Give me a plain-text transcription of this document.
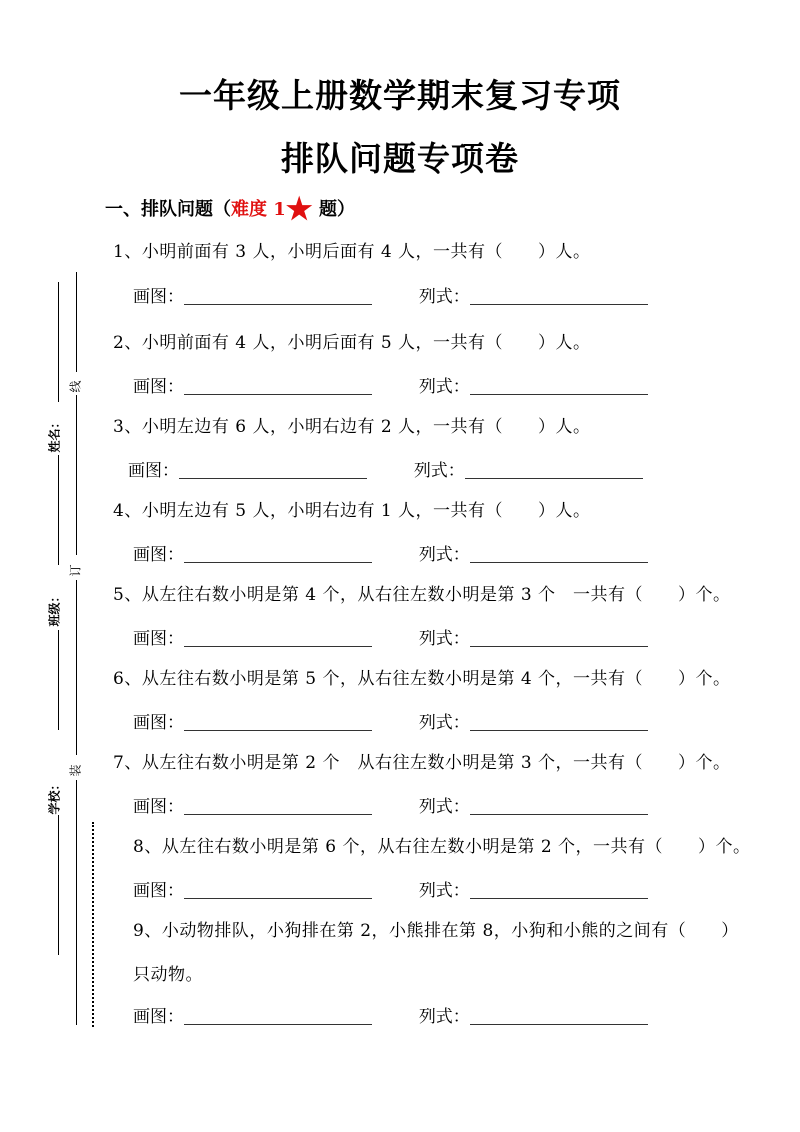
一年级上册数学期末复习专项
排队问题专项卷
一、排队问题（难度 1★ 题）
1、小明前面有 3 人，小明后面有 4 人，一共有（　　）人。
画图：	列式：
2、小明前面有 4 人，小明后面有 5 人，一共有（　　）人。
画图：	列式：
3、小明左边有 6 人，小明右边有 2 人，一共有（　　）人。
画图：	列式：
4、小明左边有 5 人，小明右边有 1 人，一共有（　　）人。
画图：	列式：
5、从左往右数小明是第 4 个，从右往左数小明是第 3 个　一共有（　　）个。
画图：	列式：
6、从左往右数小明是第 5 个，从右往左数小明是第 4 个，一共有（　　）个。
画图：	列式：
7、从左往右数小明是第 2 个　从右往左数小明是第 3 个，一共有（　　）个。
画图：	列式：
8、从左往右数小明是第 6 个，从右往左数小明是第 2 个，一共有（　　）个。
画图：	列式：
9、小动物排队，小狗排在第 2，小熊排在第 8，小狗和小熊的之间有（　　）
只动物。
画图：	列式：
姓名：
班级：
学校：
线
订
装
